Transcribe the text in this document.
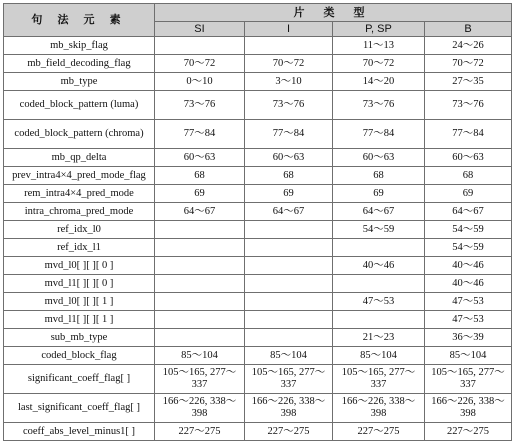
句 法 元 素	片 类 型			
	SI	I	P, SP	B
mb_skip_flag			11～13	24～26
mb_field_decoding_flag	70～72	70～72	70～72	70～72
mb_type	0～10	3～10	14～20	27～35
coded_block_pattern (luma)	73～76	73～76	73～76	73～76
coded_block_pattern (chroma)	77～84	77～84	77～84	77～84
mb_qp_delta	60～63	60～63	60～63	60～63
prev_intra4×4_pred_mode_flag	68	68	68	68
rem_intra4×4_pred_mode	69	69	69	69
intra_chroma_pred_mode	64～67	64～67	64～67	64～67
ref_idx_l0			54～59	54～59
ref_idx_l1				54～59
mvd_l0[ ][ ][ 0 ]			40～46	40～46
mvd_l1[ ][ ][ 0 ]				40～46
mvd_l0[ ][ ][ 1 ]			47～53	47～53
mvd_l1[ ][ ][ 1 ]				47～53
sub_mb_type			21～23	36～39
coded_block_flag	85～104	85～104	85～104	85～104
significant_coeff_flag[ ]	105～165, 277～337	105～165, 277～337	105～165, 277～337	105～165, 277～337
last_significant_coeff_flag[ ]	166～226, 338～398	166～226, 338～398	166～226, 338～398	166～226, 338～398
coeff_abs_level_minus1[ ]	227～275	227～275	227～275	227～275
